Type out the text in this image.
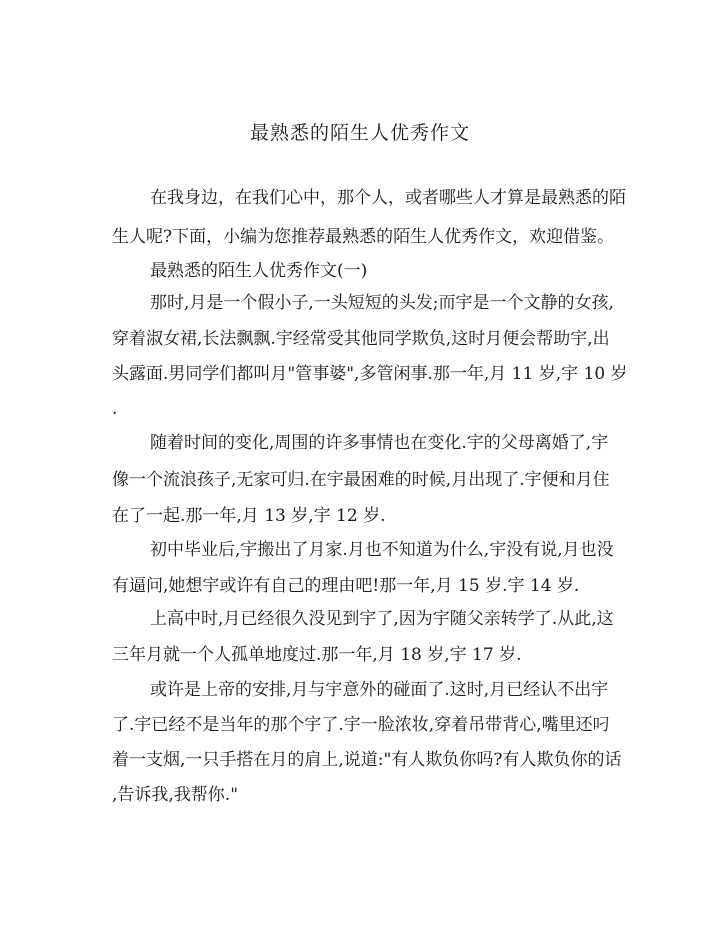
最熟悉的陌生人优秀作文

在我身边，在我们心中，那个人，或者哪些人才算是最熟悉的陌

生人呢?下面，小编为您推荐最熟悉的陌生人优秀作文，欢迎借鉴。

最熟悉的陌生人优秀作文(一)

那时,月是一个假小子,一头短短的头发;而宇是一个文静的女孩,

穿着淑女裙,长法飘飘.宇经常受其他同学欺负,这时月便会帮助宇,出

头露面.男同学们都叫月"管事婆",多管闲事.那一年,月 11 岁,宇 10 岁

.

随着时间的变化,周围的许多事情也在变化.宇的父母离婚了,宇

像一个流浪孩子,无家可归.在宇最困难的时候,月出现了.宇便和月住

在了一起.那一年,月 13 岁,宇 12 岁.

初中毕业后,宇搬出了月家.月也不知道为什么,宇没有说,月也没

有逼问,她想宇或许有自己的理由吧!那一年,月 15 岁.宇 14 岁.

上高中时,月已经很久没见到宇了,因为宇随父亲转学了.从此,这

三年月就一个人孤单地度过.那一年,月 18 岁,宇 17 岁.

或许是上帝的安排,月与宇意外的碰面了.这时,月已经认不出宇

了.宇已经不是当年的那个宇了.宇一脸浓妆,穿着吊带背心,嘴里还叼

着一支烟,一只手搭在月的肩上,说道:"有人欺负你吗?有人欺负你的话

,告诉我,我帮你."
